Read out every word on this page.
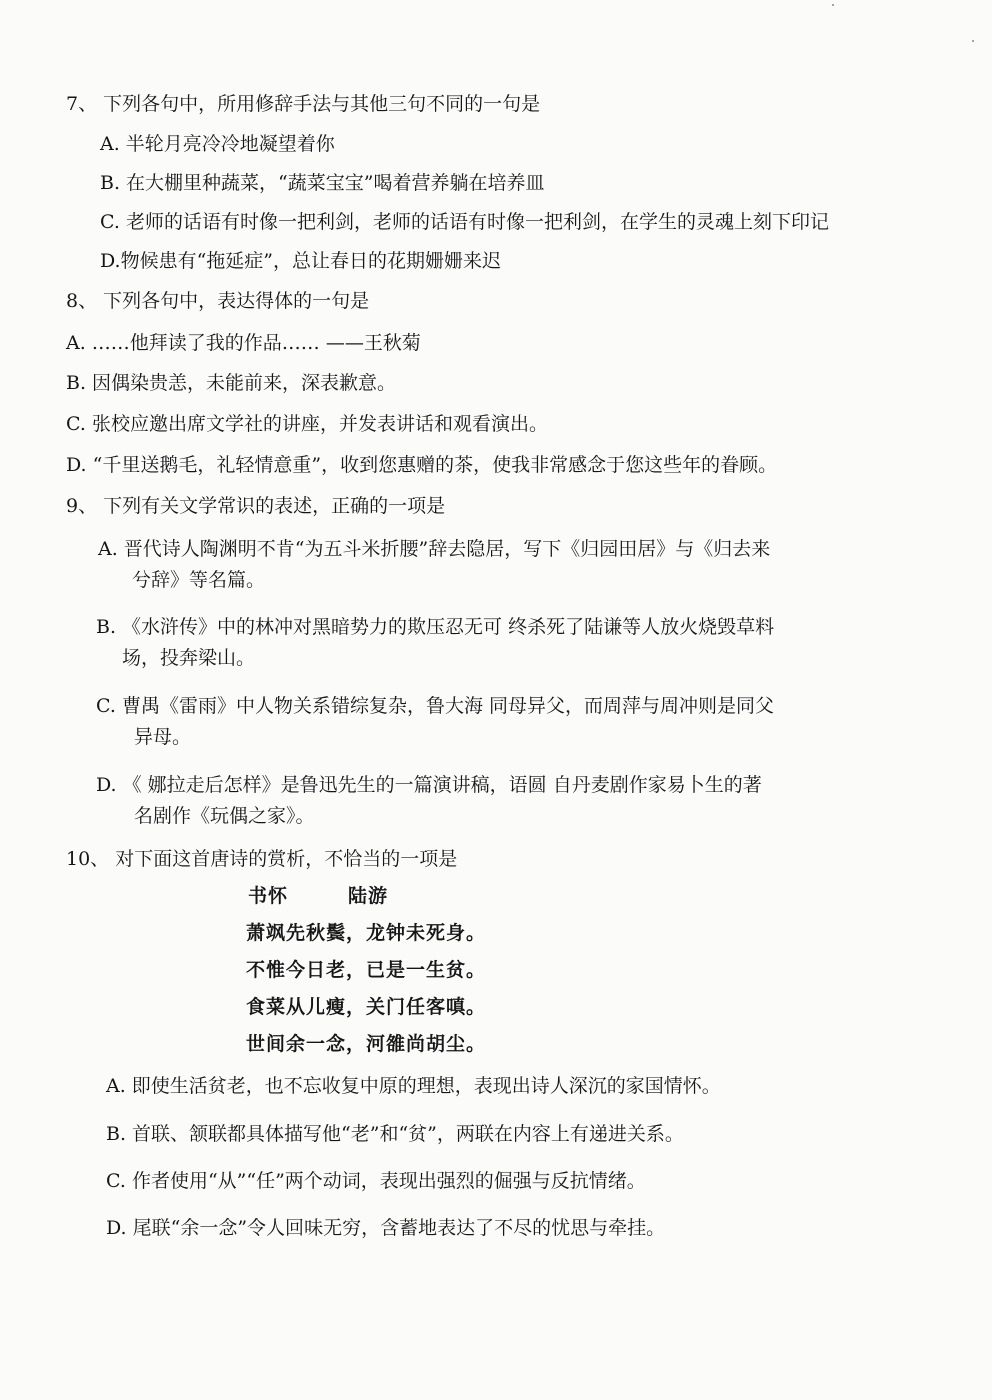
7、 下列各句中，所用修辞手法与其他三句不同的一句是
A. 半轮月亮冷冷地凝望着你
B. 在大棚里种蔬菜，“蔬菜宝宝”喝着营养躺在培养皿
C. 老师的话语有时像一把利剑，老师的话语有时像一把利剑，在学生的灵魂上刻下印记
D.物候患有“拖延症”，总让春日的花期姗姗来迟
8、 下列各句中，表达得体的一句是
A. ……他拜读了我的作品…… ——王秋菊
B. 因偶染贵恙，未能前来，深表歉意。
C. 张校应邀出席文学社的讲座，并发表讲话和观看演出。
D. “千里送鹅毛，礼轻情意重”，收到您惠赠的茶，使我非常感念于您这些年的眷顾。
9、 下列有关文学常识的表述，正确的一项是
A. 晋代诗人陶渊明不肯“为五斗米折腰”辞去隐居，写下《归园田居》与《归去来
兮辞》等名篇。
B. 《水浒传》中的林冲对黑暗势力的欺压忍无可 终杀死了陆谦等人放火烧毁草料
场，投奔梁山。
C. 曹禺《雷雨》中人物关系错综复杂，鲁大海 同母异父，而周萍与周冲则是同父
异母。
D. 《 娜拉走后怎样》是鲁迅先生的一篇演讲稿，语圆 自丹麦剧作家易卜生的著
名剧作《玩偶之家》。
10、 对下面这首唐诗的赏析，不恰当的一项是
书怀	陆游
萧飒先秋鬓，龙钟未死身。
不惟今日老，已是一生贫。
食菜从儿瘦，关门任客嗔。
世间余一念，河雒尚胡尘。
A. 即使生活贫老，也不忘收复中原的理想，表现出诗人深沉的家国情怀。
B. 首联、颔联都具体描写他“老”和“贫”，两联在内容上有递进关系。
C. 作者使用“从”“任”两个动词，表现出强烈的倔强与反抗情绪。
D. 尾联“余一念”令人回味无穷，含蓄地表达了不尽的忧思与牵挂。
